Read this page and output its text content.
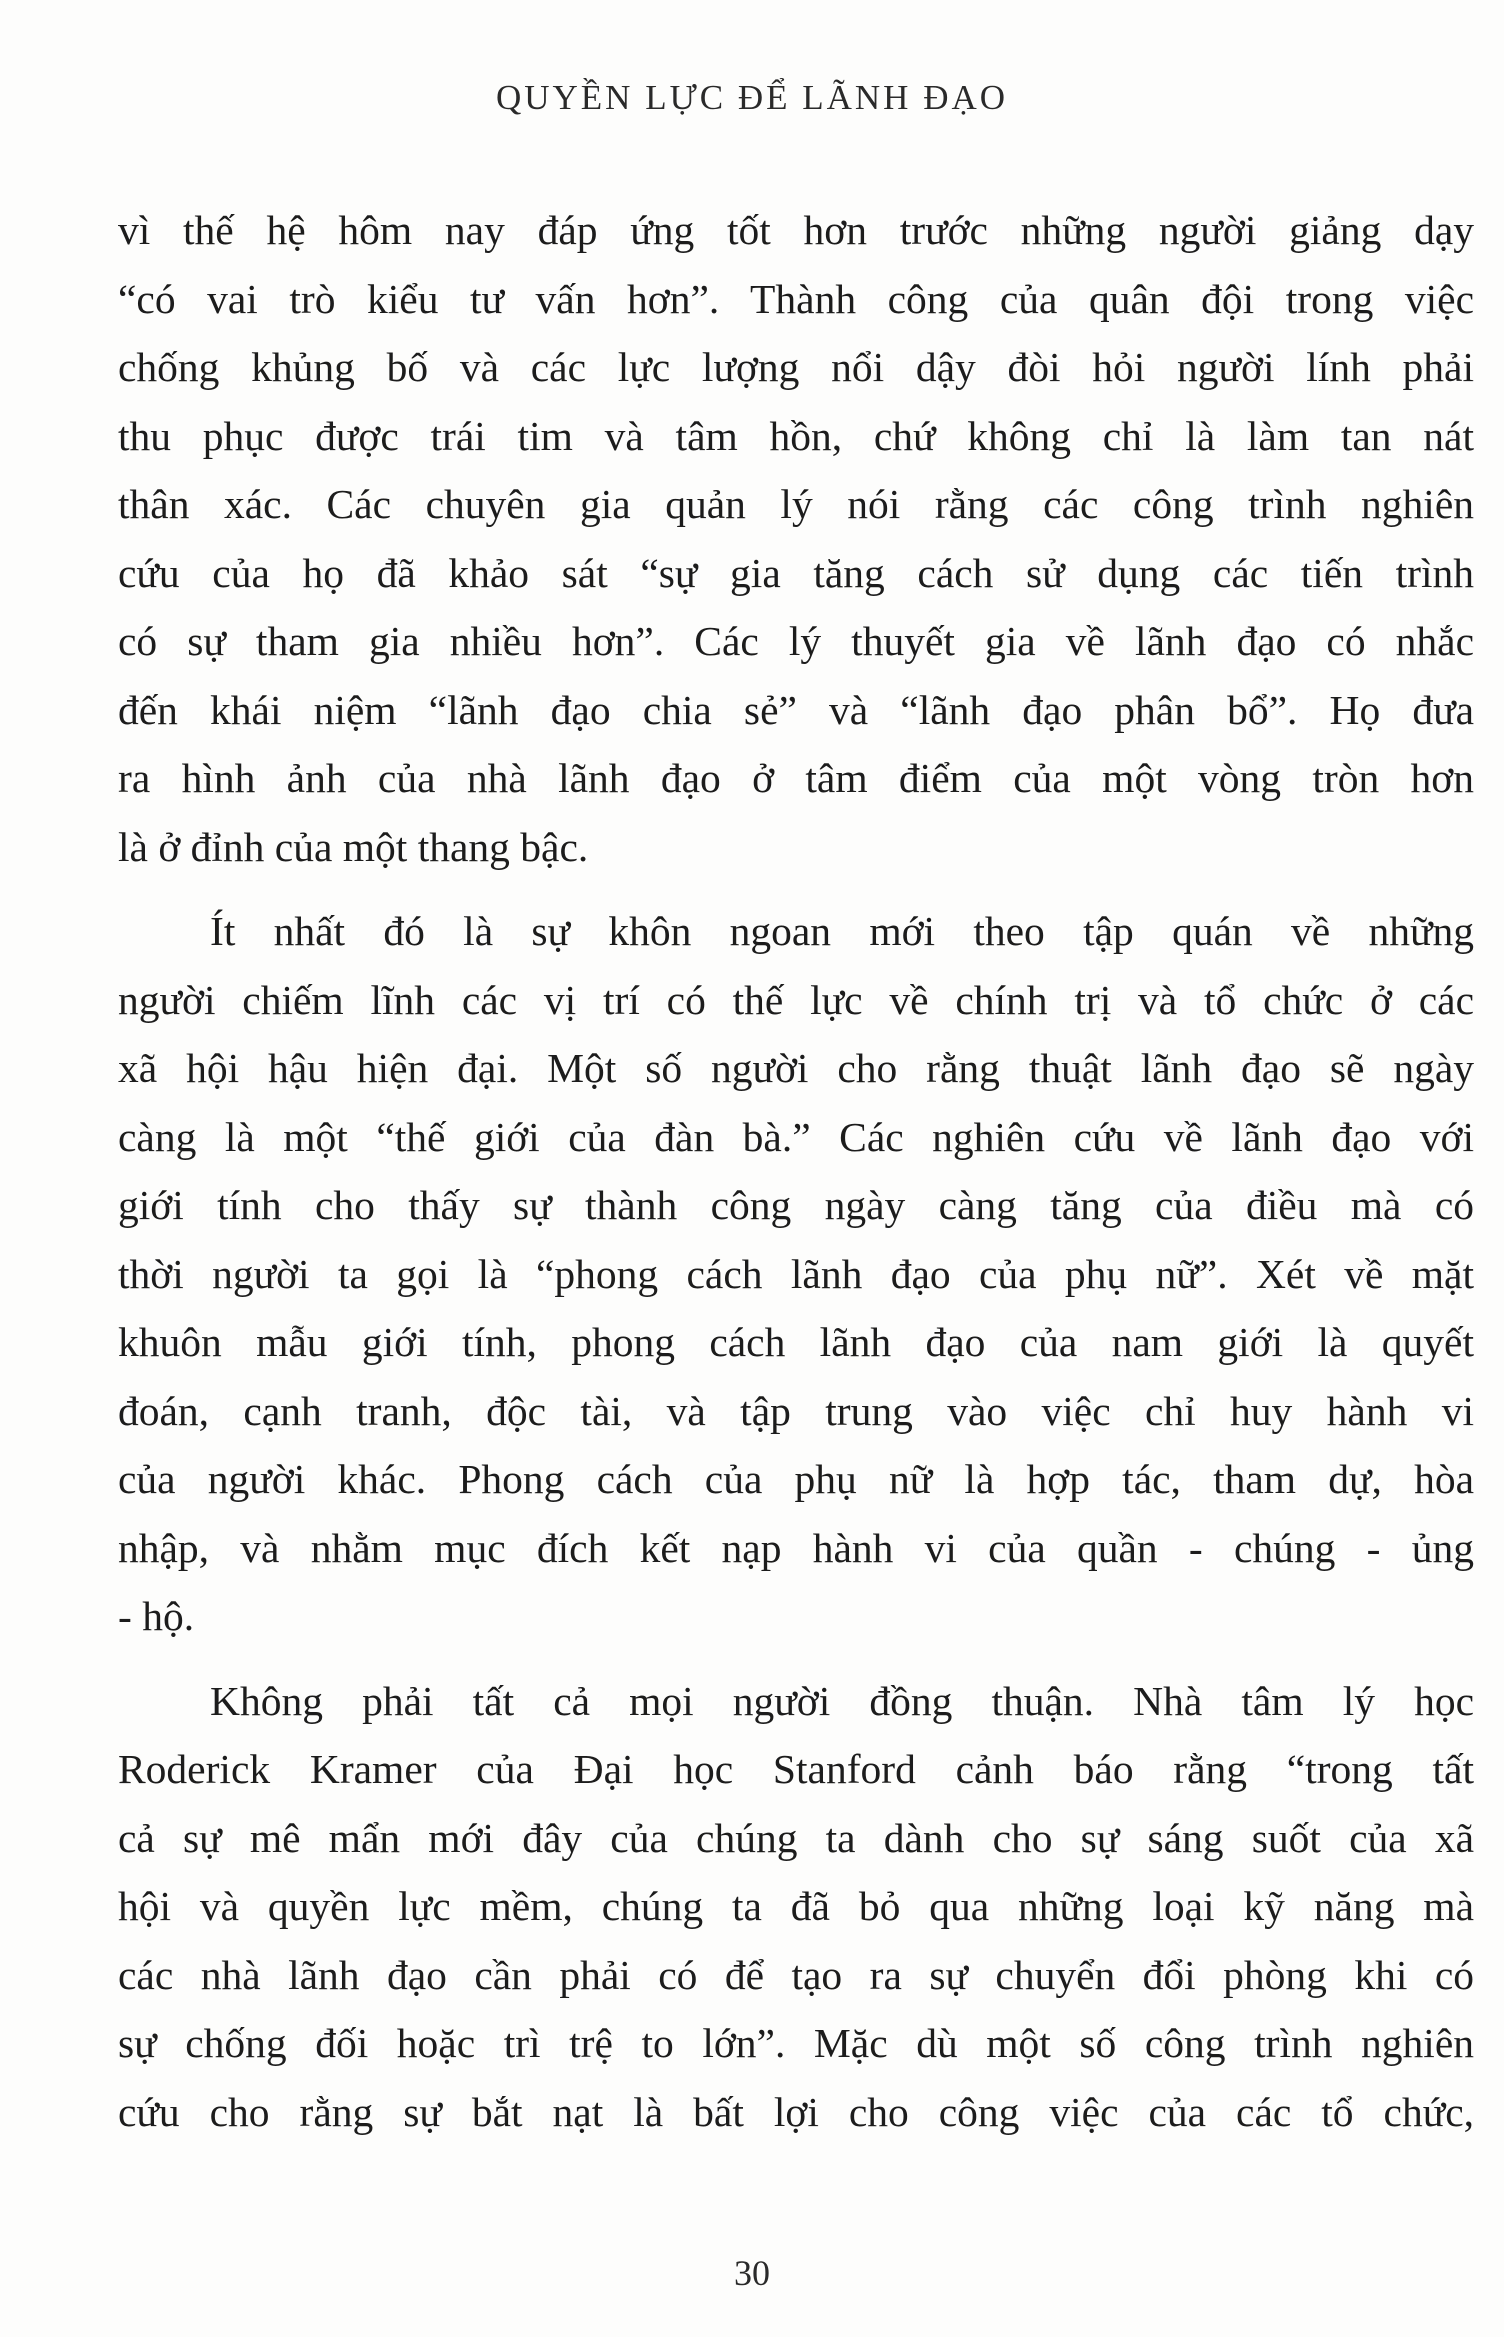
QUYỀN LỰC ĐỂ LÃNH ĐẠO

vì thế hệ hôm nay đáp ứng tốt hơn trước những người giảng dạy
“có vai trò kiểu tư vấn hơn”. Thành công của quân đội trong việc
chống khủng bố và các lực lượng nổi dậy đòi hỏi người lính phải
thu phục được trái tim và tâm hồn, chứ không chỉ là làm tan nát
thân xác. Các chuyên gia quản lý nói rằng các công trình nghiên
cứu của họ đã khảo sát “sự gia tăng cách sử dụng các tiến trình
có sự tham gia nhiều hơn”. Các lý thuyết gia về lãnh đạo có nhắc
đến khái niệm “lãnh đạo chia sẻ” và “lãnh đạo phân bổ”. Họ đưa
ra hình ảnh của nhà lãnh đạo ở tâm điểm của một vòng tròn hơn
là ở đỉnh của một thang bậc.

Ít nhất đó là sự khôn ngoan mới theo tập quán về những
người chiếm lĩnh các vị trí có thế lực về chính trị và tổ chức ở các
xã hội hậu hiện đại. Một số người cho rằng thuật lãnh đạo sẽ ngày
càng là một “thế giới của đàn bà.” Các nghiên cứu về lãnh đạo với
giới tính cho thấy sự thành công ngày càng tăng của điều mà có
thời người ta gọi là “phong cách lãnh đạo của phụ nữ”. Xét về mặt
khuôn mẫu giới tính, phong cách lãnh đạo của nam giới là quyết
đoán, cạnh tranh, độc tài, và tập trung vào việc chỉ huy hành vi
của người khác. Phong cách của phụ nữ là hợp tác, tham dự, hòa
nhập, và nhằm mục đích kết nạp hành vi của quần - chúng - ủng
- hộ.

Không phải tất cả mọi người đồng thuận. Nhà tâm lý học
Roderick Kramer của Đại học Stanford cảnh báo rằng “trong tất
cả sự mê mẩn mới đây của chúng ta dành cho sự sáng suốt của xã
hội và quyền lực mềm, chúng ta đã bỏ qua những loại kỹ năng mà
các nhà lãnh đạo cần phải có để tạo ra sự chuyển đổi phòng khi có
sự chống đối hoặc trì trệ to lớn”. Mặc dù một số công trình nghiên
cứu cho rằng sự bắt nạt là bất lợi cho công việc của các tổ chức,

30
